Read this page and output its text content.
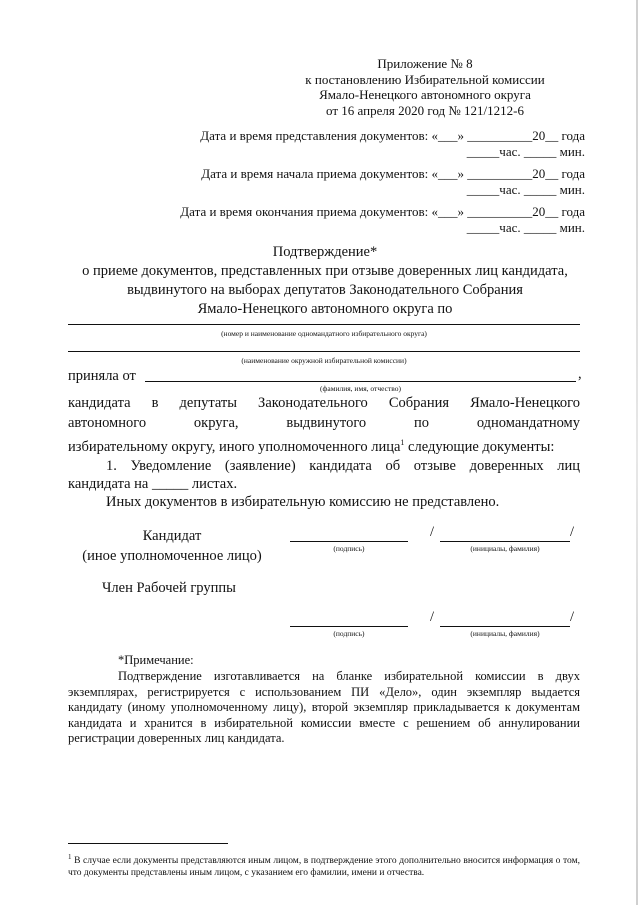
Приложение № 8
к постановлению Избирательной комиссии
Ямало-Ненецкого автономного округа
от 16 апреля 2020 год № 121/1212-6
Дата и время представления документов: «___» __________20__ года
_____час. _____ мин.
Дата и время начала приема документов: «___» __________20__ года
_____час. _____ мин.
Дата и время окончания приема документов: «___» __________20__ года
_____час. _____ мин.
Подтверждение*
о приеме документов, представленных при отзыве доверенных лиц кандидата,
выдвинутого на выборах депутатов Законодательного Собрания
Ямало-Ненецкого автономного округа по
(номер и наименование одномандатного избирательного округа)
(наименование окружной избирательной комиссии)
приняла от	,
(фамилия, имя, отчество)
кандидата в депутаты Законодательного Собрания Ямало-Ненецкого
автономного округа, выдвинутого по одномандатному
избирательному округу, иного уполномоченного лица$^1$ следующие документы:
1. Уведомление (заявление) кандидата об отзыве доверенных лиц
кандидата на _____ листах.
Иных документов в избирательную комиссию не представлено.
Кандидат
(иное уполномоченное лицо)	(подпись)
/	/
(инициалы, фамилия)
Член Рабочей группы
(подпись)
/	/
(инициалы, фамилия)
*Примечание:
Подтверждение изготавливается на бланке избирательной комиссии в двух экземплярах, регистрируется с использованием ПИ «Дело», один экземпляр выдается кандидату (иному уполномоченному лицу), второй экземпляр прикладывается к документам кандидата и хранится в избирательной комиссии вместе с решением об аннулировании регистрации доверенных лиц кандидата.
$^1$ В случае если документы представляются иным лицом, в подтверждение этого дополнительно вносится информация о том, что документы представлены иным лицом, с указанием его фамилии, имени и отчества.
